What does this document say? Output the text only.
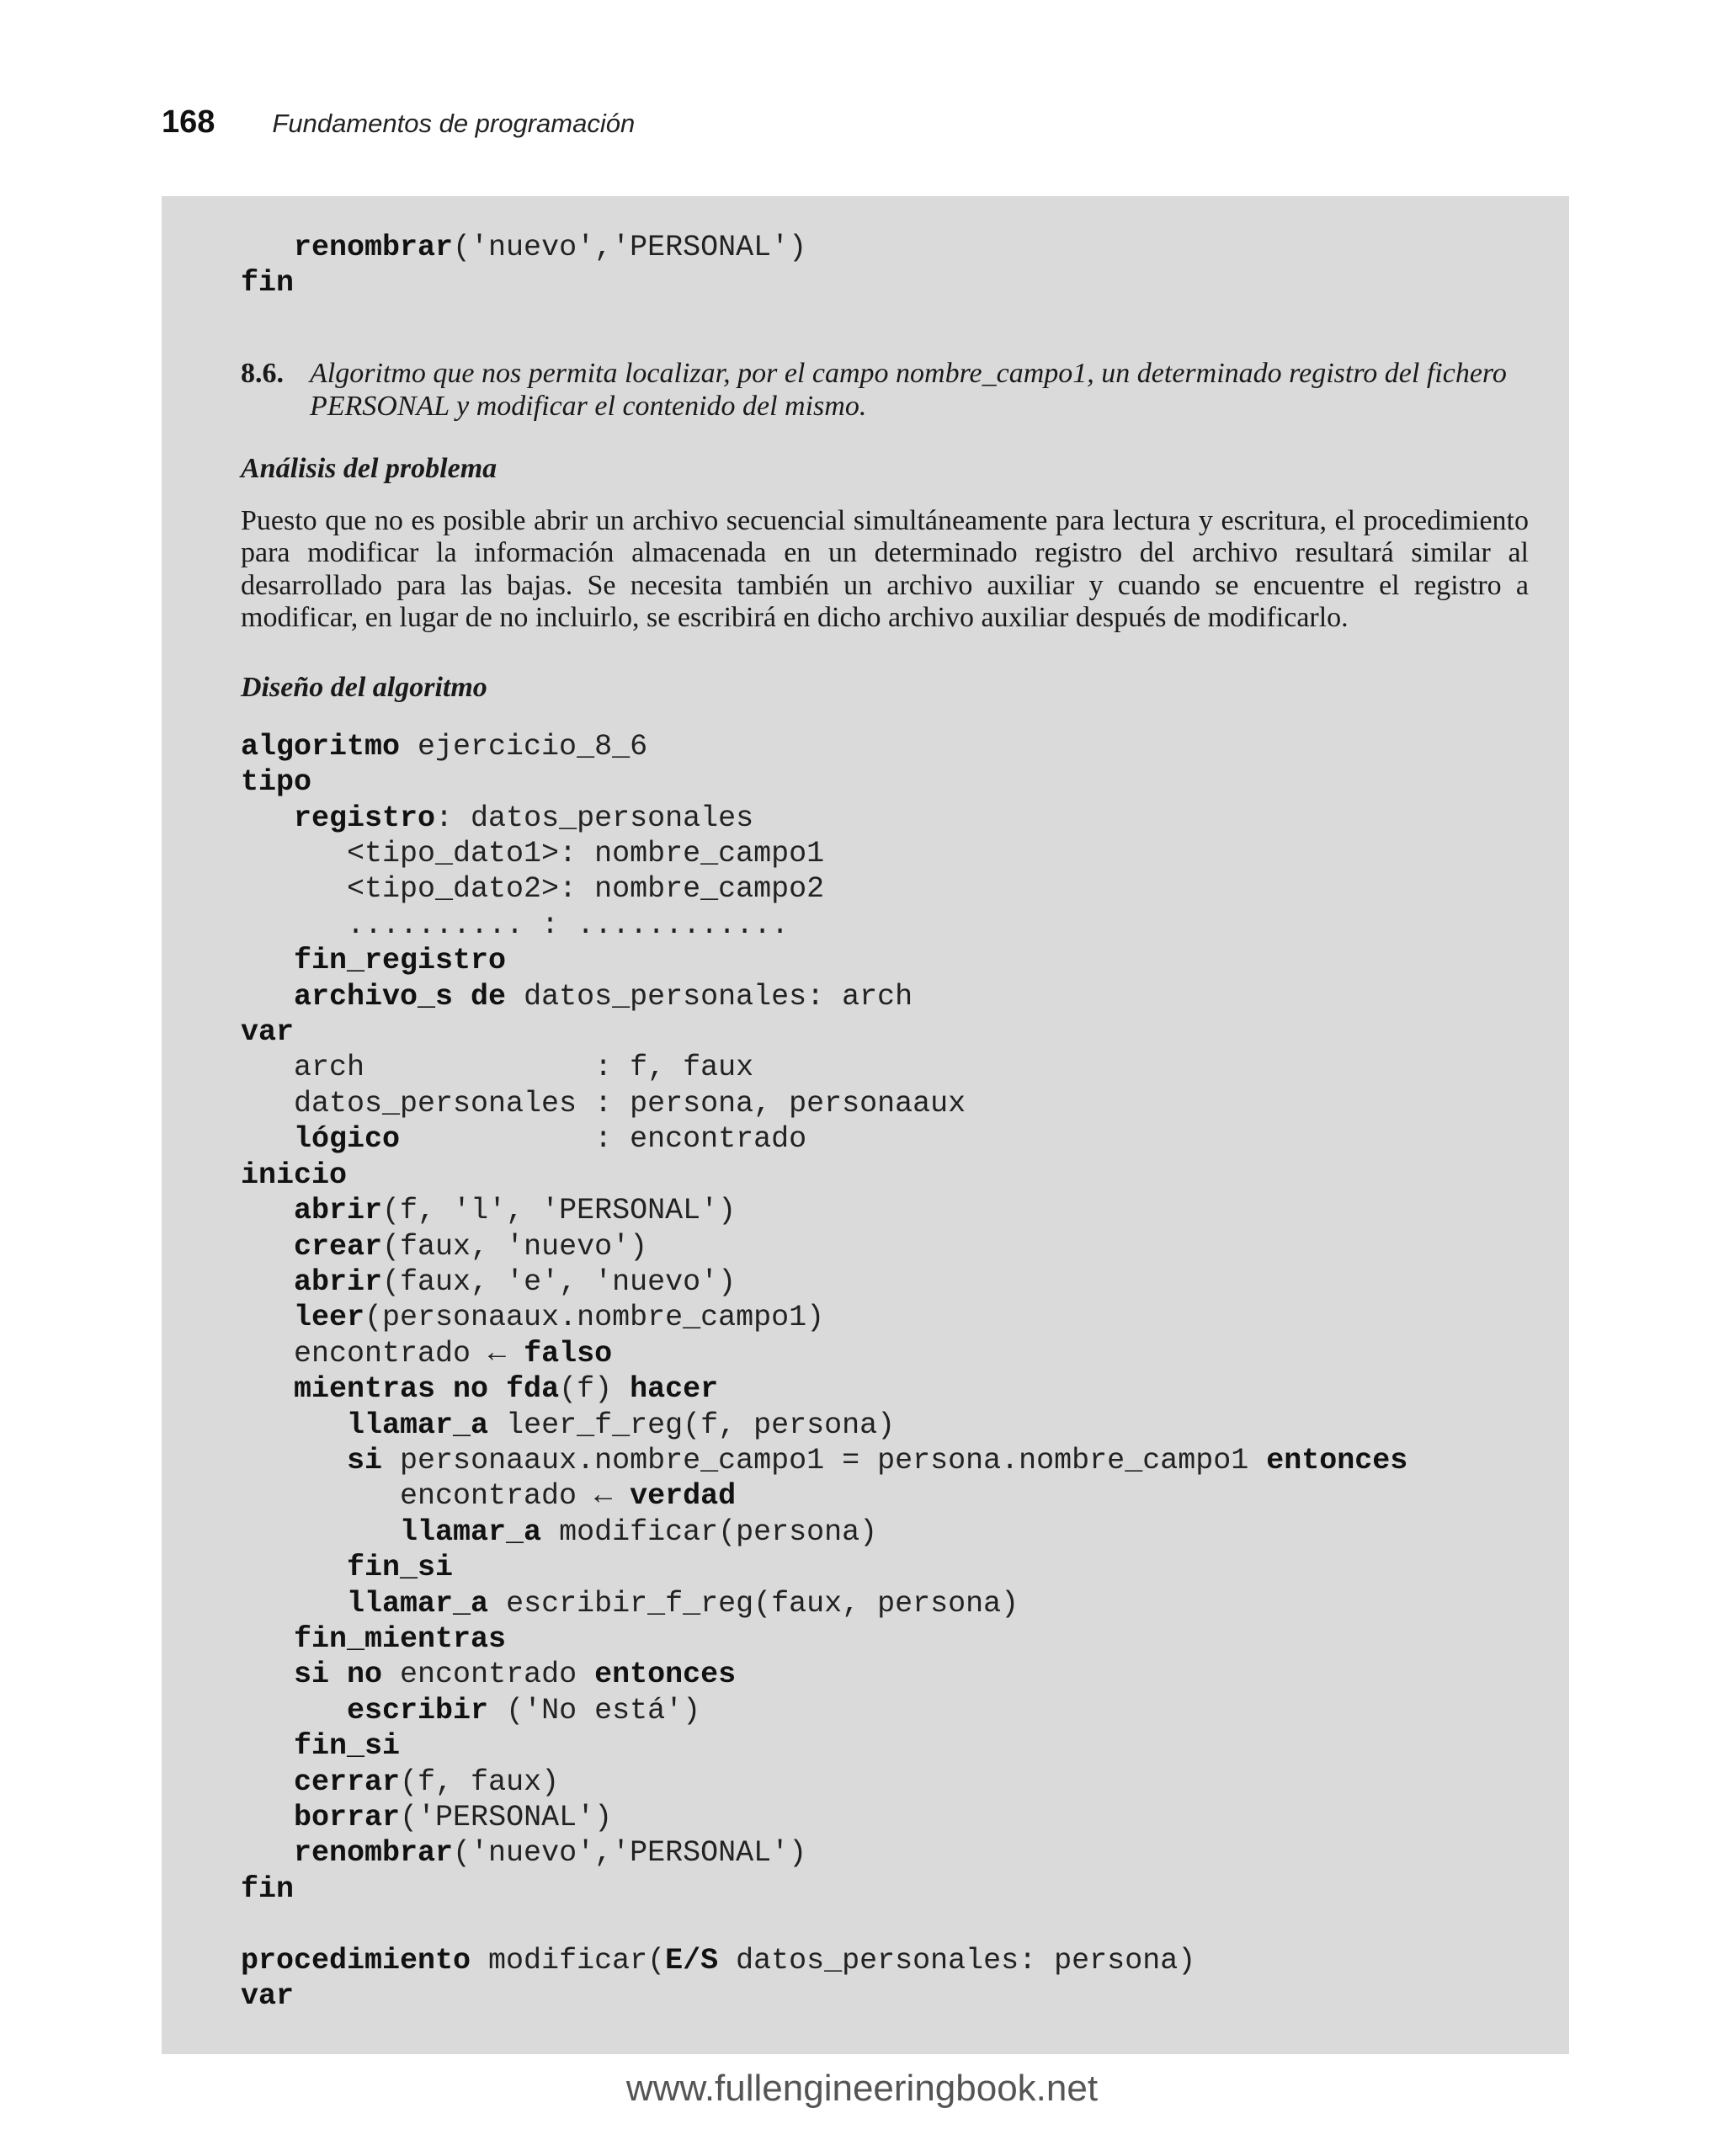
168 Fundamentos de programación
renombrar('nuevo','PERSONAL')
fin
8.6. Algoritmo que nos permita localizar, por el campo nombre_campo1, un determinado registro del fichero PERSONAL y modificar el contenido del mismo.
Análisis del problema

Puesto que no es posible abrir un archivo secuencial simultáneamente para lectura y escritura, el procedimiento para modificar la información almacenada en un determinado registro del archivo resultará similar al desarrollado para las bajas. Se necesita también un archivo auxiliar y cuando se encuentre el registro a modificar, en lugar de no incluirlo, se escribirá en dicho archivo auxiliar después de modificarlo.

Diseño del algoritmo
algoritmo ejercicio_8_6
tipo
registro: datos_personales
<tipo_dato1>: nombre_campo1
<tipo_dato2>: nombre_campo2
.......... : ............
fin_registro
archivo_s de datos_personales: arch
var
arch             : f, faux
datos_personales : persona, personaaux
lógico           : encontrado
inicio
abrir(f, 'l', 'PERSONAL')
crear(faux, 'nuevo')
abrir(faux, 'e', 'nuevo')
leer(personaaux.nombre_campo1)
encontrado ← falso
mientras no fda(f) hacer
llamar_a leer_f_reg(f, persona)
si personaaux.nombre_campo1 = persona.nombre_campo1 entonces
encontrado ← verdad
llamar_a modificar(persona)
fin_si
llamar_a escribir_f_reg(faux, persona)
fin_mientras
si no encontrado entonces
escribir ('No está')
fin_si
cerrar(f, faux)
borrar('PERSONAL')
renombrar('nuevo','PERSONAL')
fin

procedimiento modificar(E/S datos_personales: persona)
var
www.fullengineeringbook.net
